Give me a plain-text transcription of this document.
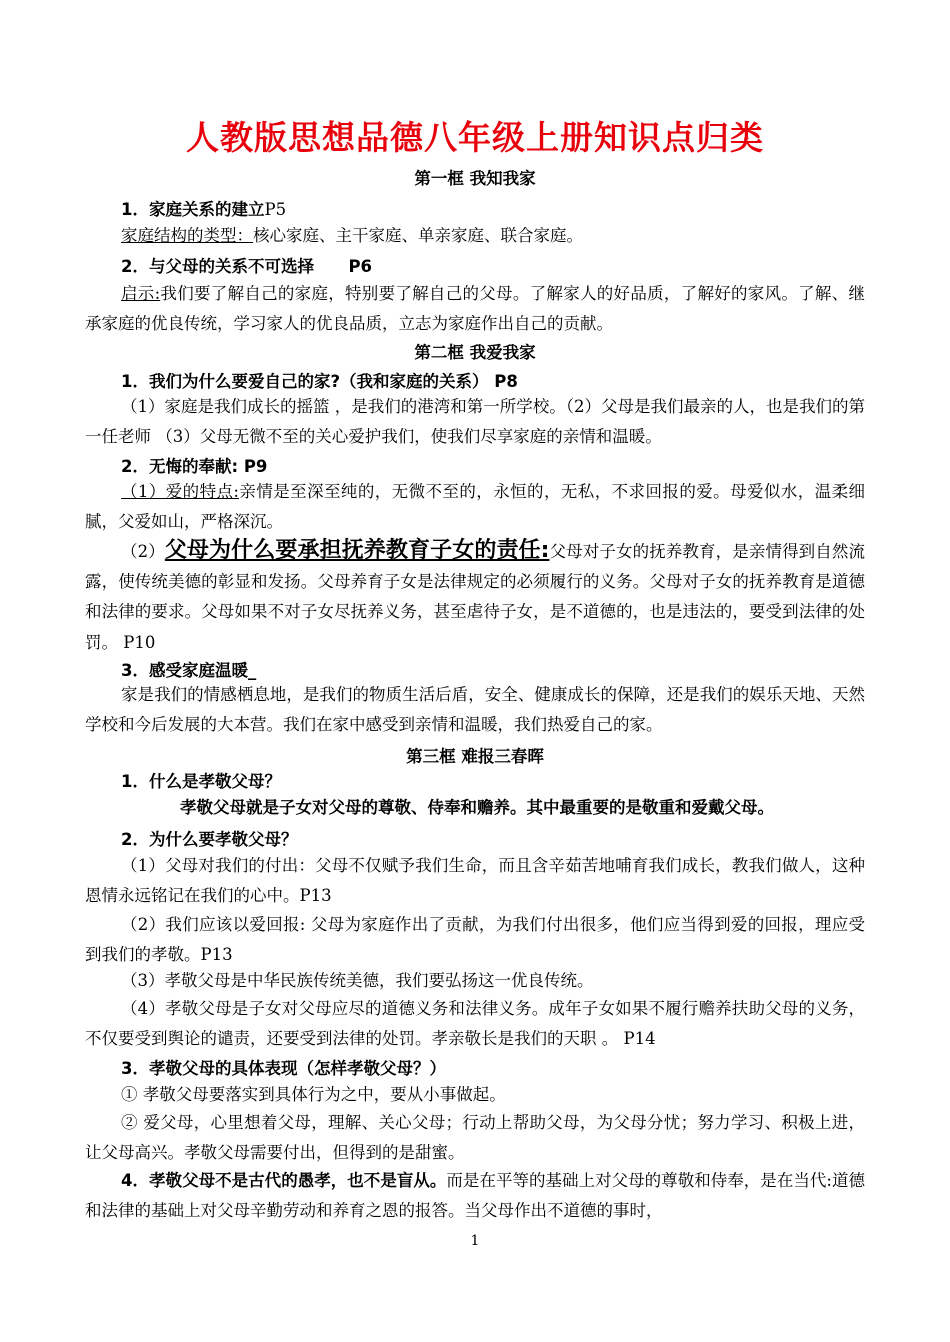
人教版思想品德八年级上册知识点归类
第一框 我知我家
1．家庭关系的建立P5
家庭结构的类型：核心家庭、主干家庭、单亲家庭、联合家庭。
2．与父母的关系不可选择      P6
启示:我们要了解自己的家庭，特别要了解自己的父母。了解家人的好品质，了解好的家风。了解、继承家庭的优良传统，学习家人的优良品质，立志为家庭作出自己的贡献。
第二框 我爱我家
1．我们为什么要爱自己的家?（我和家庭的关系） P8
（1）家庭是我们成长的摇篮 ，是我们的港湾和第一所学校。（2）父母是我们最亲的人，也是我们的第一任老师 （3）父母无微不至的关心爱护我们，使我们尽享家庭的亲情和温暖。
2．无悔的奉献: P9
（1）爱的特点:亲情是至深至纯的，无微不至的，永恒的，无私，不求回报的爱。母爱似水，温柔细腻，父爱如山，严格深沉。
（2）父母为什么要承担抚养教育子女的责任:父母对子女的抚养教育，是亲情得到自然流露，使传统美德的彰显和发扬。父母养育子女是法律规定的必须履行的义务。父母对子女的抚养教育是道德和法律的要求。父母如果不对子女尽抚养义务，甚至虐待子女，是不道德的，也是违法的，要受到法律的处罚。 P10
3．感受家庭温暖_
家是我们的情感栖息地，是我们的物质生活后盾，安全、健康成长的保障，还是我们的娱乐天地、天然学校和今后发展的大本营。我们在家中感受到亲情和温暖，我们热爱自己的家。
第三框 难报三春晖
1．什么是孝敬父母？
孝敬父母就是子女对父母的尊敬、侍奉和赡养。其中最重要的是敬重和爱戴父母。
2．为什么要孝敬父母？
（1）父母对我们的付出：父母不仅赋予我们生命，而且含辛茹苦地哺育我们成长，教我们做人，这种恩情永远铭记在我们的心中。P13
（2）我们应该以爱回报: 父母为家庭作出了贡献，为我们付出很多，他们应当得到爱的回报，理应受到我们的孝敬。P13
（3）孝敬父母是中华民族传统美德，我们要弘扬这一优良传统。
（4）孝敬父母是子女对父母应尽的道德义务和法律义务。成年子女如果不履行赡养扶助父母的义务，不仅要受到舆论的谴责，还要受到法律的处罚。孝亲敬长是我们的天职 。 P14
3．孝敬父母的具体表现（怎样孝敬父母？）
① 孝敬父母要落实到具体行为之中，要从小事做起。
② 爱父母，心里想着父母，理解、关心父母；行动上帮助父母，为父母分忧；努力学习、积极上进，让父母高兴。孝敬父母需要付出，但得到的是甜蜜。
4．孝敬父母不是古代的愚孝，也不是盲从。而是在平等的基础上对父母的尊敬和侍奉，是在当代:道德和法律的基础上对父母辛勤劳动和养育之恩的报答。当父母作出不道德的事时，
1
